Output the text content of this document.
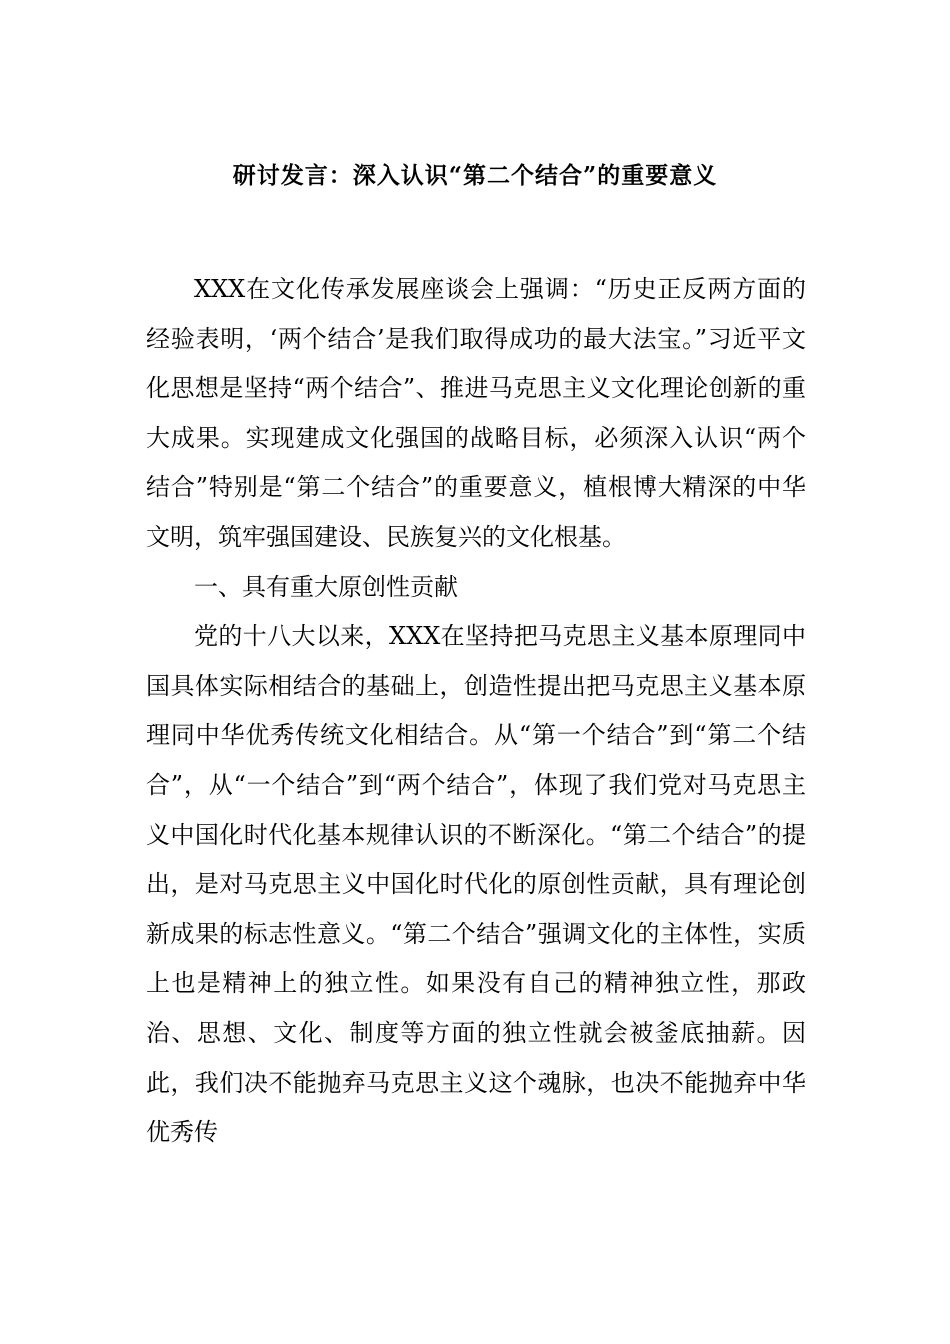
研讨发言：深入认识“第二个结合”的重要意义

XXX在文化传承发展座谈会上强调：“历史正反两方面的经验表明，‘两个结合’是我们取得成功的最大法宝。”习近平文化思想是坚持“两个结合”、推进马克思主义文化理论创新的重大成果。实现建成文化强国的战略目标，必须深入认识“两个结合”特别是“第二个结合”的重要意义，植根博大精深的中华文明，筑牢强国建设、民族复兴的文化根基。

一、具有重大原创性贡献

党的十八大以来，XXX在坚持把马克思主义基本原理同中国具体实际相结合的基础上，创造性提出把马克思主义基本原理同中华优秀传统文化相结合。从“第一个结合”到“第二个结合”，从“一个结合”到“两个结合”，体现了我们党对马克思主义中国化时代化基本规律认识的不断深化。“第二个结合”的提出，是对马克思主义中国化时代化的原创性贡献，具有理论创新成果的标志性意义。“第二个结合”强调文化的主体性，实质上也是精神上的独立性。如果没有自己的精神独立性，那政治、思想、文化、制度等方面的独立性就会被釜底抽薪。因此，我们决不能抛弃马克思主义这个魂脉，也决不能抛弃中华优秀传
